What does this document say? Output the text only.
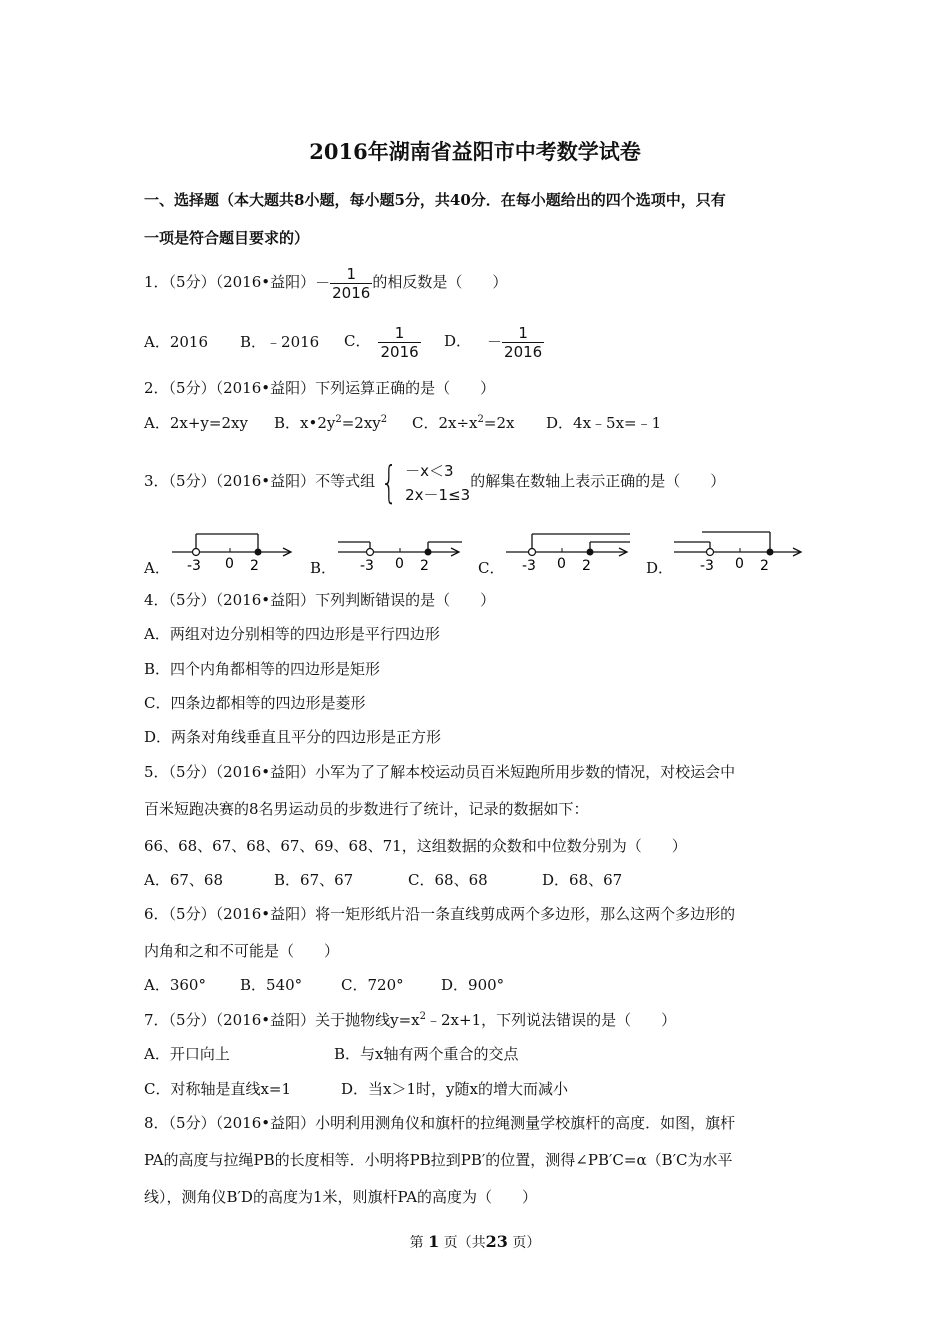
2016年湖南省益阳市中考数学试卷
一、选择题（本大题共8小题，每小题5分，共40分．在每小题给出的四个选项中，只有
一项是符合题目要求的）
1．（5分）（2016•益阳）－ $\frac{1}{2016}$ 的相反数是（　　）
A．2016 B．﹣2016 C． $\frac{1}{2016}$ D． － $\frac{1}{2016}$
2．（5分）（2016•益阳）下列运算正确的是（　　）
A．2x+y=2xy B．$x•2y^2=2xy^2$ C．$2x\div x^2=2x$ D．4x﹣5x=﹣1
3．（5分）（2016•益阳）不等式组 { －x＜3
2x－1≤3
的解集在数轴上表示正确的是（　　）
A． -3 0 2	B． -3 0 2	C． -3 0 2	D． -3 0 2
4．（5分）（2016•益阳）下列判断错误的是（　　）
A．两组对边分别相等的四边形是平行四边形
B．四个内角都相等的四边形是矩形
C．四条边都相等的四边形是菱形
D．两条对角线垂直且平分的四边形是正方形
5．（5分）（2016•益阳）小军为了了解本校运动员百米短跑所用步数的情况，对校运会中
百米短跑决赛的8名男运动员的步数进行了统计，记录的数据如下：
66、68、67、68、67、69、68、71，这组数据的众数和中位数分别为（　　）
A．67、68	B．67、67	C．68、68	D．68、67
6．（5分）（2016•益阳）将一矩形纸片沿一条直线剪成两个多边形，那么这两个多边形的
内角和之和不可能是（　　）
A．360° B．540°	C．720° D．900°
7．（5分）（2016•益阳）关于抛物线$y=x^2﹣2x+1$，下列说法错误的是（　　）
A．开口向上	B．与x轴有两个重合的交点
C．对称轴是直线x=1	D．当x＞1时，y随x的增大而减小
8．（5分）（2016•益阳）小明利用测角仪和旗杆的拉绳测量学校旗杆的高度．如图，旗杆
PA的高度与拉绳PB的长度相等．小明将PB拉到PB′的位置，测得∠PB′C=α（B′C为水平
线），测角仪B′D的高度为1米，则旗杆PA的高度为（　　）
第 1 页（共23 页）
